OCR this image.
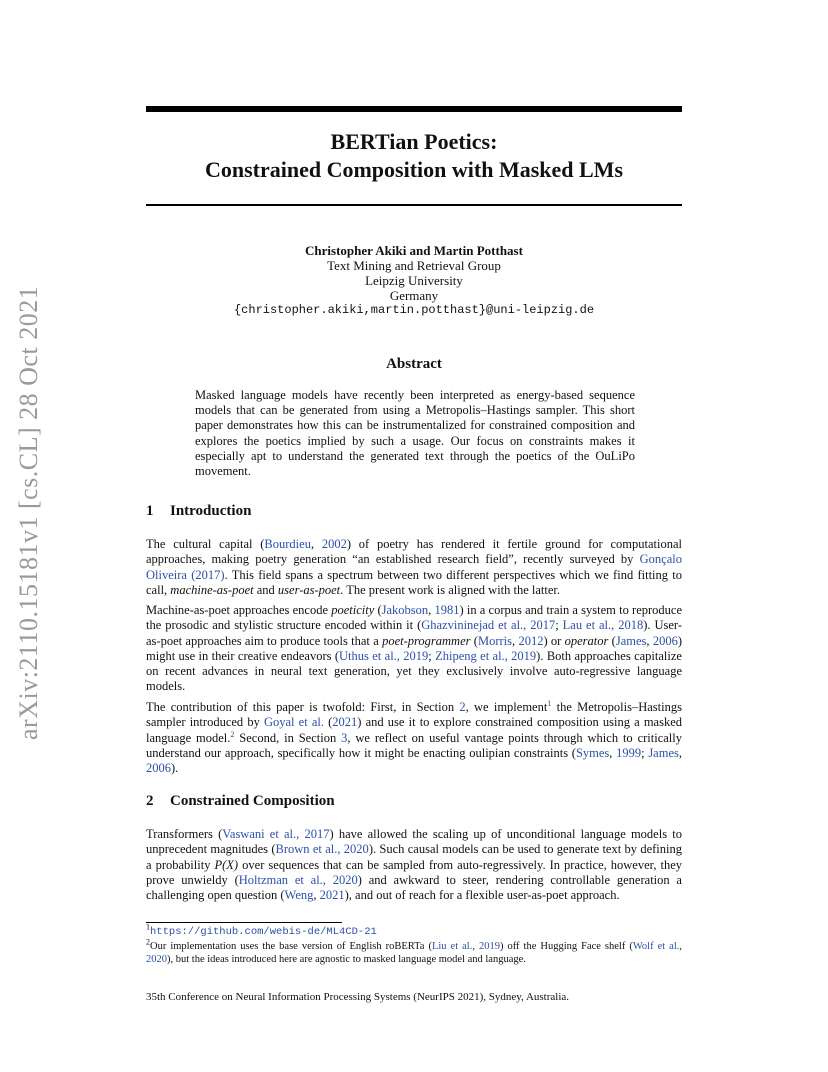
arXiv:2110.15181v1 [cs.CL] 28 Oct 2021
BERTian Poetics:
Constrained Composition with Masked LMs
Christopher Akiki and Martin Potthast
Text Mining and Retrieval Group
Leipzig University
Germany
{christopher.akiki,martin.potthast}@uni-leipzig.de
Abstract
Masked language models have recently been interpreted as energy-based sequence models that can be generated from using a Metropolis–Hastings sampler. This short paper demonstrates how this can be instrumentalized for constrained composition and explores the poetics implied by such a usage. Our focus on constraints makes it especially apt to understand the generated text through the poetics of the OuLiPo movement.
1 Introduction
The cultural capital (Bourdieu, 2002) of poetry has rendered it fertile ground for computational approaches, making poetry generation “an established research field”, recently surveyed by Gonçalo Oliveira (2017). This field spans a spectrum between two different perspectives which we find fitting to call, machine-as-poet and user-as-poet. The present work is aligned with the latter.
Machine-as-poet approaches encode poeticity (Jakobson, 1981) in a corpus and train a system to reproduce the prosodic and stylistic structure encoded within it (Ghazvininejad et al., 2017; Lau et al., 2018). User-as-poet approaches aim to produce tools that a poet-programmer (Morris, 2012) or operator (James, 2006) might use in their creative endeavors (Uthus et al., 2019; Zhipeng et al., 2019). Both approaches capitalize on recent advances in neural text generation, yet they exclusively involve auto-regressive language models.
The contribution of this paper is twofold: First, in Section 2, we implement$^1$ the Metropolis–Hastings sampler introduced by Goyal et al. (2021) and use it to explore constrained composition using a masked language model.$^2$ Second, in Section 3, we reflect on useful vantage points through which to critically understand our approach, specifically how it might be enacting oulipian constraints (Symes, 1999; James, 2006).
2 Constrained Composition
Transformers (Vaswani et al., 2017) have allowed the scaling up of unconditional language models to unprecedent magnitudes (Brown et al., 2020). Such causal models can be used to generate text by defining a probability P(X) over sequences that can be sampled from auto-regressively. In practice, however, they prove unwieldy (Holtzman et al., 2020) and awkward to steer, rendering controllable generation a challenging open question (Weng, 2021), and out of reach for a flexible user-as-poet approach.
$^1$https://github.com/webis-de/ML4CD-21
$^2$Our implementation uses the base version of English roBERTa (Liu et al., 2019) off the Hugging Face shelf (Wolf et al., 2020), but the ideas introduced here are agnostic to masked language model and language.
35th Conference on Neural Information Processing Systems (NeurIPS 2021), Sydney, Australia.
